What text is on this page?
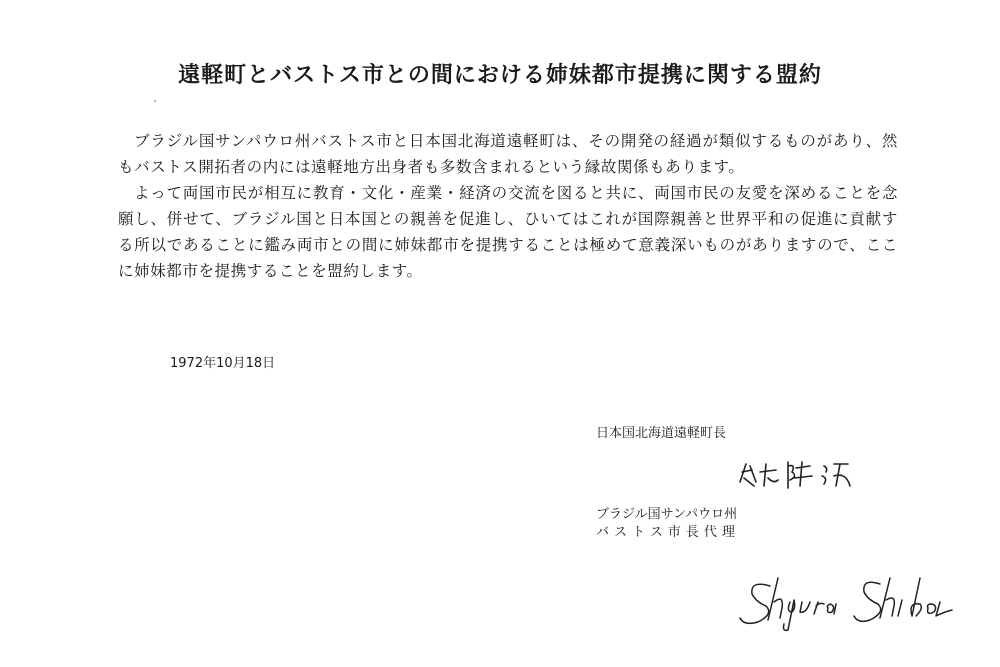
遠軽町とバストス市との間における姉妹都市提携に関する盟約

ブラジル国サンパウロ州バストス市と日本国北海道遠軽町は、その開発の経過が類似するものがあり、然もバストス開拓者の内には遠軽地方出身者も多数含まれるという縁故関係もあります。

よって両国市民が相互に教育・文化・産業・経済の交流を図ると共に、両国市民の友愛を深めることを念願し、併せて、ブラジル国と日本国との親善を促進し、ひいてはこれが国際親善と世界平和の促進に貢献する所以であることに鑑み両市との間に姉妹都市を提携することは極めて意義深いものがありますので、ここに姉妹都市を提携することを盟約します。

1972年10月18日
日本国北海道遠軽町長
ブラジル国サンパウロ州
バストス市長代理
